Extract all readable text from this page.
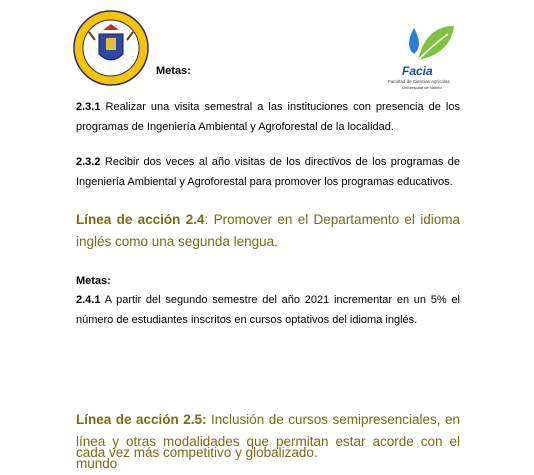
Facia
Facultad de Ciencias Agrícolas
Universidad de Nariño
Metas:
2.3.1 Realizar una visita semestral a las instituciones con presencia de los programas de Ingeniería Ambiental y Agroforestal de la localidad.
2.3.2 Recibir dos veces al año visitas de los directivos de los programas de Ingeniería Ambiental y Agroforestal para promover los programas educativos.
Línea de acción 2.4: Promover en el Departamento el idioma inglés como una segunda lengua.
Metas:
2.4.1 A partir del segundo semestre del año 2021 incrementar en un 5% el número de estudiantes inscritos en cursos optativos del idioma inglés.
Línea de acción 2.5: Inclusión de cursos semipresenciales, en línea y otras modalidades que permitan estar acorde con el mundo
cada vez más competitivo y globalizado.
